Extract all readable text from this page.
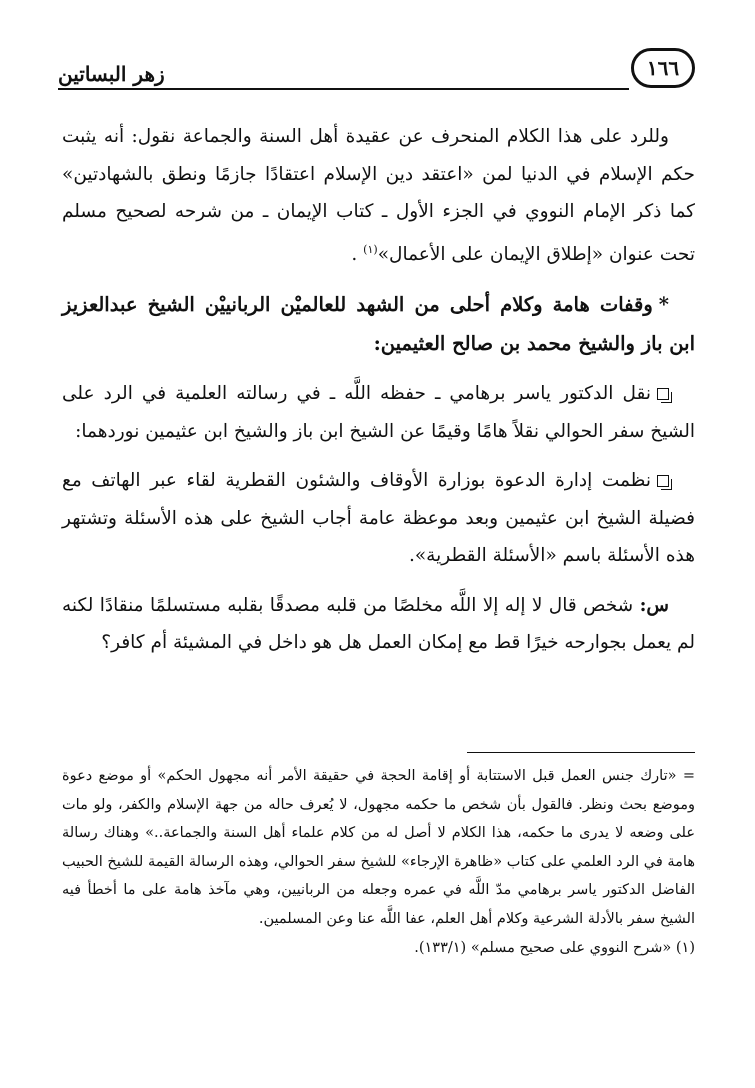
١٦٦
زهر البساتين

وللرد على هذا الكلام المنحرف عن عقيدة أهل السنة والجماعة نقول: أنه يثبت حكم الإسلام في الدنيا لمن «اعتقد دين الإسلام اعتقادًا جازمًا ونطق بالشهادتين» كما ذكر الإمام النووي في الجزء الأول ـ كتاب الإيمان ـ من شرحه لصحيح مسلم تحت عنوان «إطلاق الإيمان على الأعمال»$^{(١)}$ .

*وقفات هامة وكلام أحلى من الشهد للعالميْن الربانييْن الشيخ عبدالعزيز ابن باز والشيخ محمد بن صالح العثيمين:

نقل الدكتور ياسر برهامي ـ حفظه اللَّه ـ في رسالته العلمية في الرد على الشيخ سفر الحوالي نقلاً هامًا وقيمًا عن الشيخ ابن باز والشيخ ابن عثيمين نوردهما:

نظمت إدارة الدعوة بوزارة الأوقاف والشئون القطرية لقاء عبر الهاتف مع فضيلة الشيخ ابن عثيمين وبعد موعظة عامة أجاب الشيخ على هذه الأسئلة وتشتهر هذه الأسئلة باسم «الأسئلة القطرية».

س: شخص قال لا إله إلا اللَّه مخلصًا من قلبه مصدقًا بقلبه مستسلمًا منقادًا لكنه لم يعمل بجوارحه خيرًا قط مع إمكان العمل هل هو داخل في المشيئة أم كافر؟

= «تارك جنس العمل قبل الاستتابة أو إقامة الحجة في حقيقة الأمر أنه مجهول الحكم» أو موضع دعوة وموضع بحث ونظر. فالقول بأن شخص ما حكمه مجهول، لا يُعرف حاله من جهة الإسلام والكفر، ولو مات على وضعه لا يدرى ما حكمه، هذا الكلام لا أصل له من كلام علماء أهل السنة والجماعة..» وهناك رسالة هامة في الرد العلمي على كتاب «ظاهرة الإرجاء» للشيخ سفر الحوالي، وهذه الرسالة القيمة للشيخ الحبيب الفاضل الدكتور ياسر برهامي مدّ اللَّه في عمره وجعله من الربانيين، وهي مآخذ هامة على ما أخطأ فيه الشيخ سفر بالأدلة الشرعية وكلام أهل العلم، عفا اللَّه عنا وعن المسلمين.

(١) «شرح النووي على صحيح مسلم» (١٣٣/١).
